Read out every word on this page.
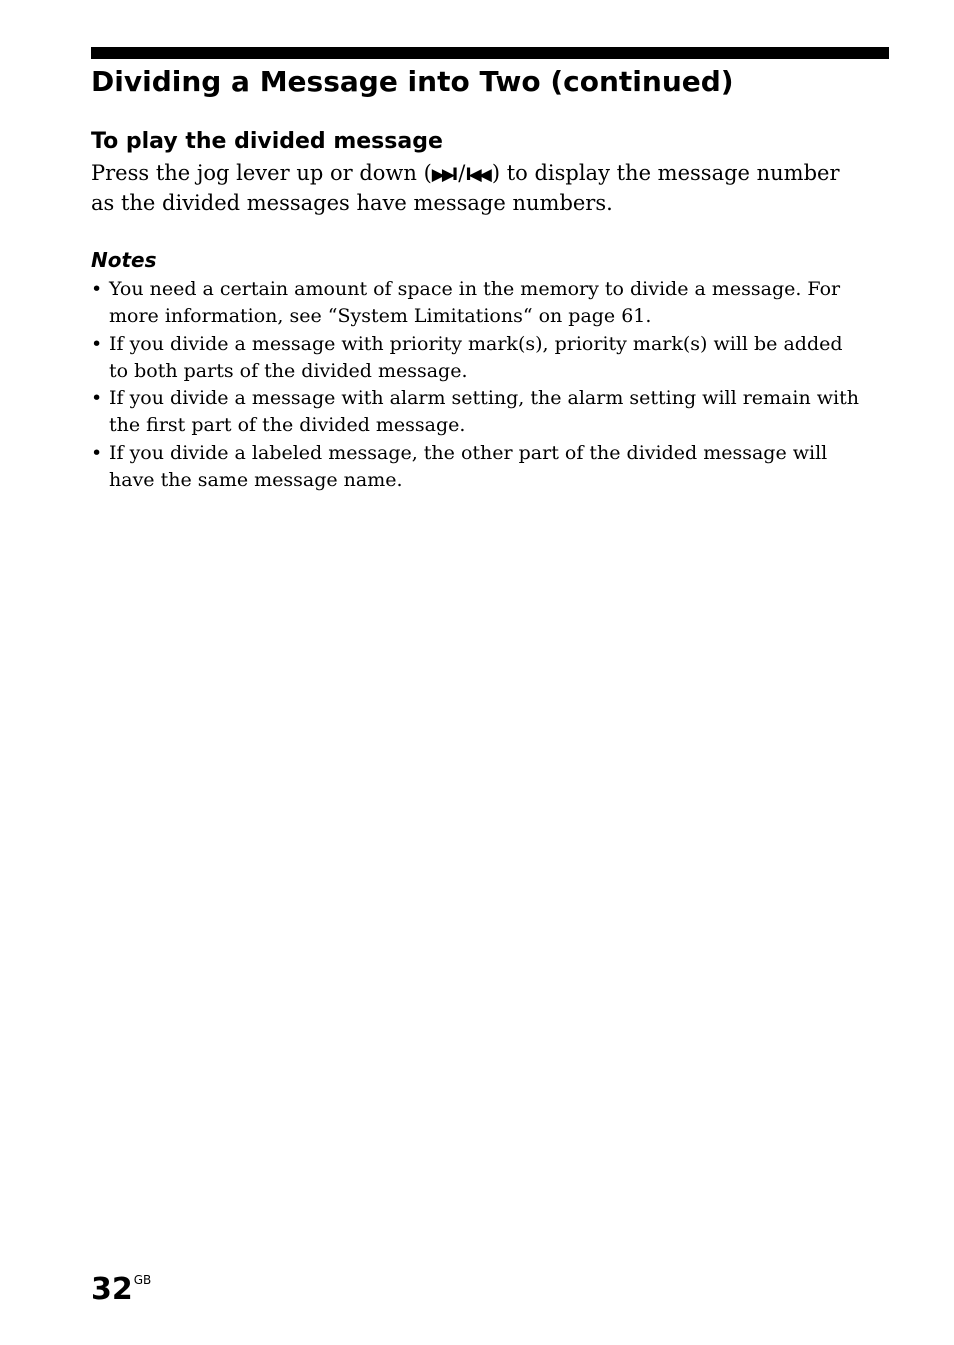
Dividing a Message into Two (continued)
To play the divided message

Press the jog lever up or down (▶▶I /I◀◀ ) to display the message number
as the divided messages have message numbers.

Notes
• You need a certain amount of space in the memory to divide a message. For
more information, see “System Limitations“ on page 61.
• If you divide a message with priority mark(s), priority mark(s) will be added
to both parts of the divided message.
• If you divide a message with alarm setting, the alarm setting will remain with
the first part of the divided message.
• If you divide a labeled message, the other part of the divided message will
have the same message name.
$32^{GB}$
